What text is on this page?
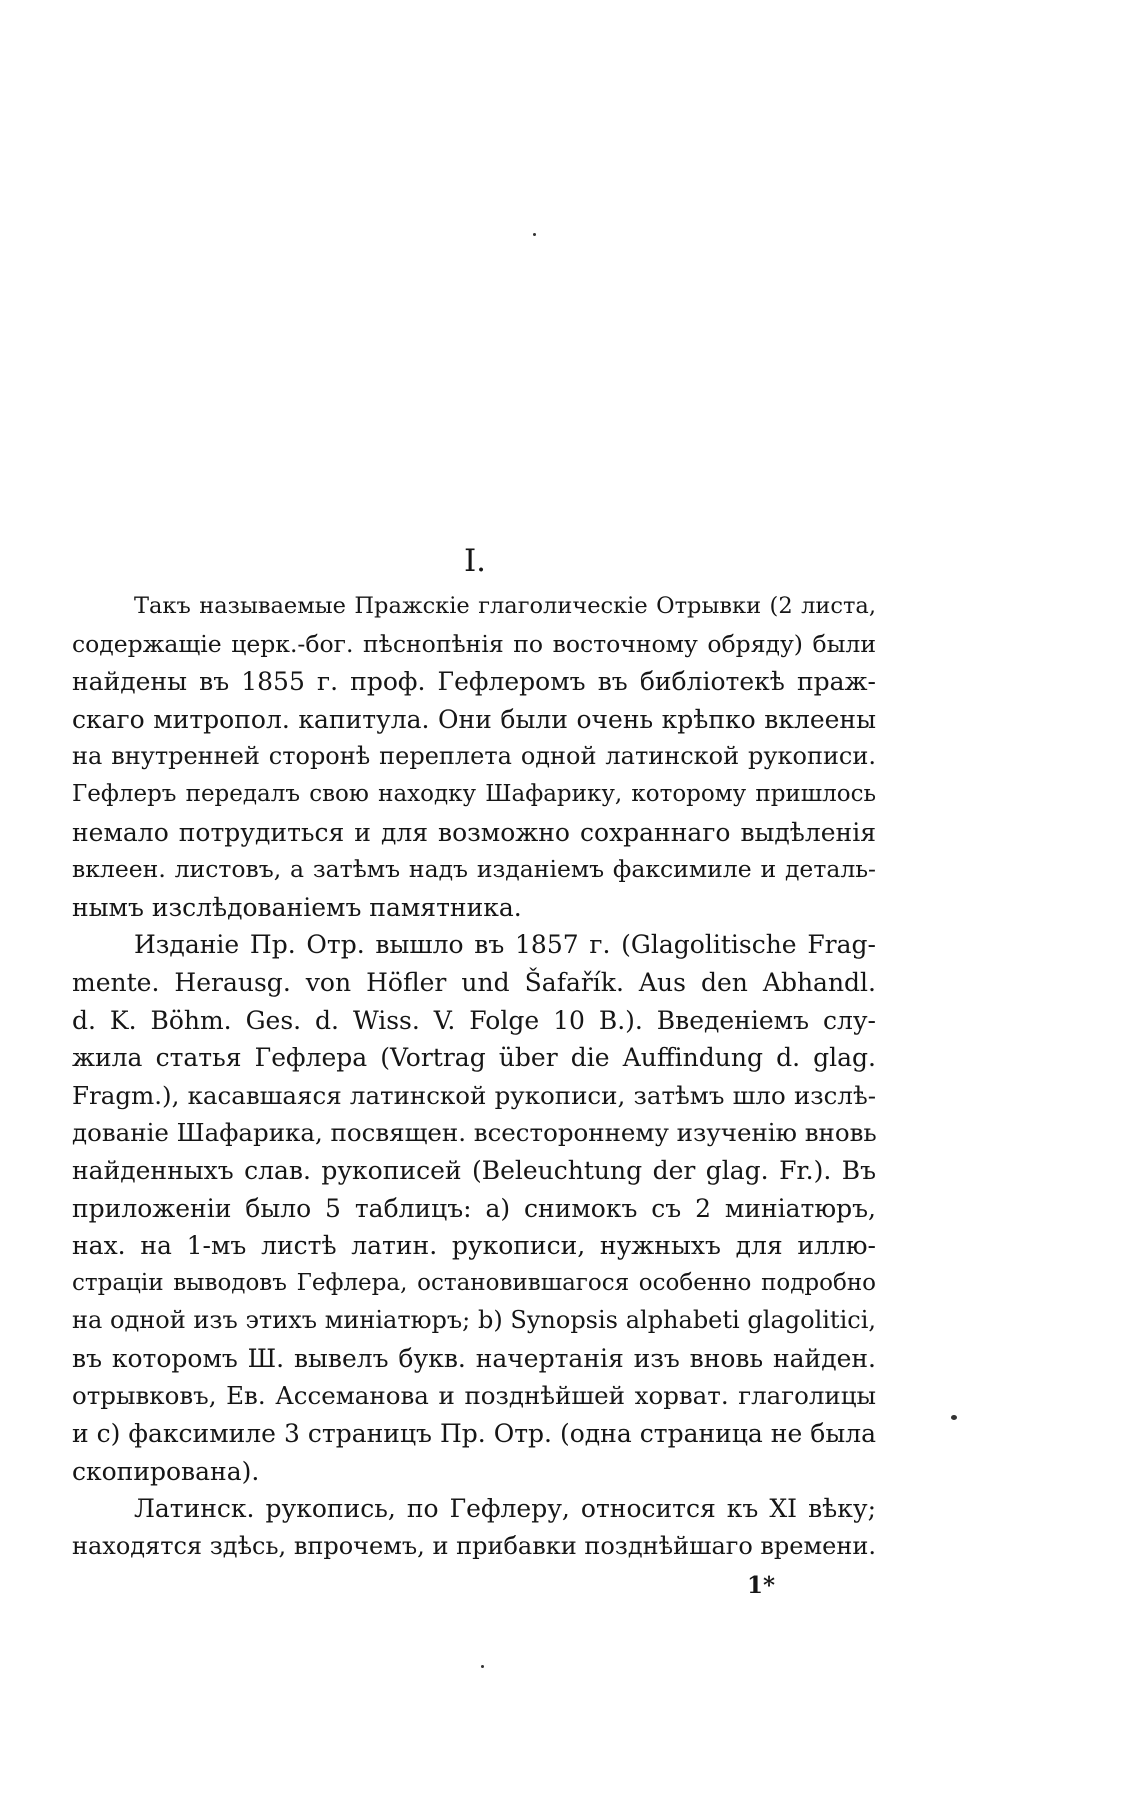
I.
Такъ называемые Пражскіе глаголическіе Отрывки (2 листа,
содержащіе церк.-бог. пѣснопѣнія по восточному обряду) были
найдены въ 1855 г. проф. Гефлеромъ въ библіотекѣ праж-
скаго митропол. капитула. Они были очень крѣпко вклеены
на внутренней сторонѣ переплета одной латинской рукописи.
Гефлеръ передалъ свою находку Шафарику, которому пришлось
немало потрудиться и для возможно сохраннаго выдѣленія
вклеен. листовъ, а затѣмъ надъ изданіемъ факсимиле и деталь-
нымъ изслѣдованіемъ памятника.
Изданіе Пр. Отр. вышло въ 1857 г. (Glagolitische Frag-
mente. Herausg. von Höfler und Šafařík. Aus den Abhandl.
d. K. Böhm. Ges. d. Wiss. V. Folge 10 B.). Введеніемъ слу-
жила статья Гефлера (Vortrag über die Auffindung d. glag.
Fragm.), касавшаяся латинской рукописи, затѣмъ шло изслѣ-
дованіе Шафарика, посвящен. всестороннему изученію вновь
найденныхъ слав. рукописей (Beleuchtung der glag. Fr.). Въ
приложеніи было 5 таблицъ: a) снимокъ съ 2 миніатюръ,
нах. на 1-мъ листѣ латин. рукописи, нужныхъ для иллю-
страціи выводовъ Гефлера, остановившагося особенно подробно
на одной изъ этихъ миніатюръ; b) Synopsis alphabeti glagolitici,
въ которомъ Ш. вывелъ букв. начертанія изъ вновь найден.
отрывковъ, Ев. Ассеманова и позднѣйшей хорват. глаголицы
и c) факсимиле 3 страницъ Пр. Отр. (одна страница не была
скопирована).
Латинск. рукопись, по Гефлеру, относится къ XI вѣку;
находятся здѣсь, впрочемъ, и прибавки позднѣйшаго времени.
1*
